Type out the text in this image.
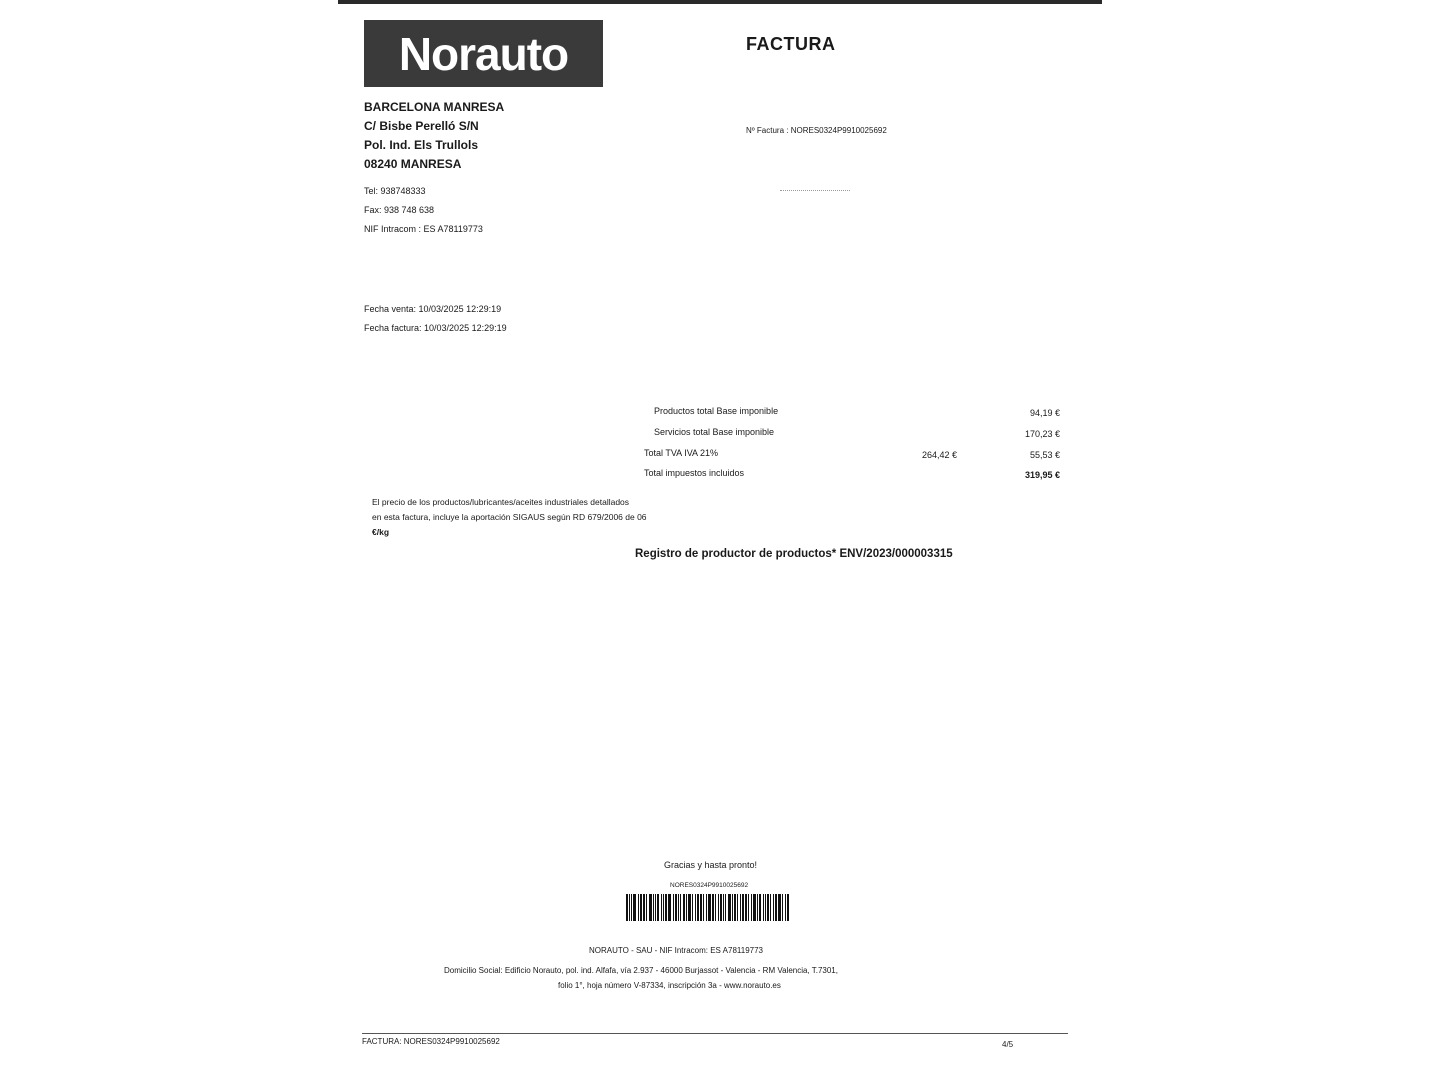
Norauto	FACTURA
BARCELONA MANRESA
C/ Bisbe Perelló S/N
Pol. Ind. Els Trullols
08240 MANRESA
Tel: 938748333
Fax: 938 748 638
NIF Intracom : ES A78119773
Nº Factura : NORES0324P9910025692
Fecha venta: 10/03/2025 12:29:19
Fecha factura: 10/03/2025 12:29:19
Productos total Base imponible	94,19 €
Servicios total Base imponible	170,23 €
Total TVA IVA 21%	264,42 €	55,53 €
Total impuestos incluidos	319,95 €
El precio de los productos/lubricantes/aceites industriales detallados
en esta factura, incluye la aportación SIGAUS según RD 679/2006 de 06
€/kg
Registro de productor de productos* ENV/2023/000003315
Gracias y hasta pronto!
NORES0324P9910025692
NORAUTO - SAU - NIF Intracom: ES A78119773
Domicilio Social: Edificio Norauto, pol. ind. Alfafa, vía 2.937 - 46000 Burjassot - Valencia - RM Valencia, T.7301,
folio 1°, hoja número V-87334, inscripción 3a - www.norauto.es
FACTURA: NORES0324P9910025692	4/5
